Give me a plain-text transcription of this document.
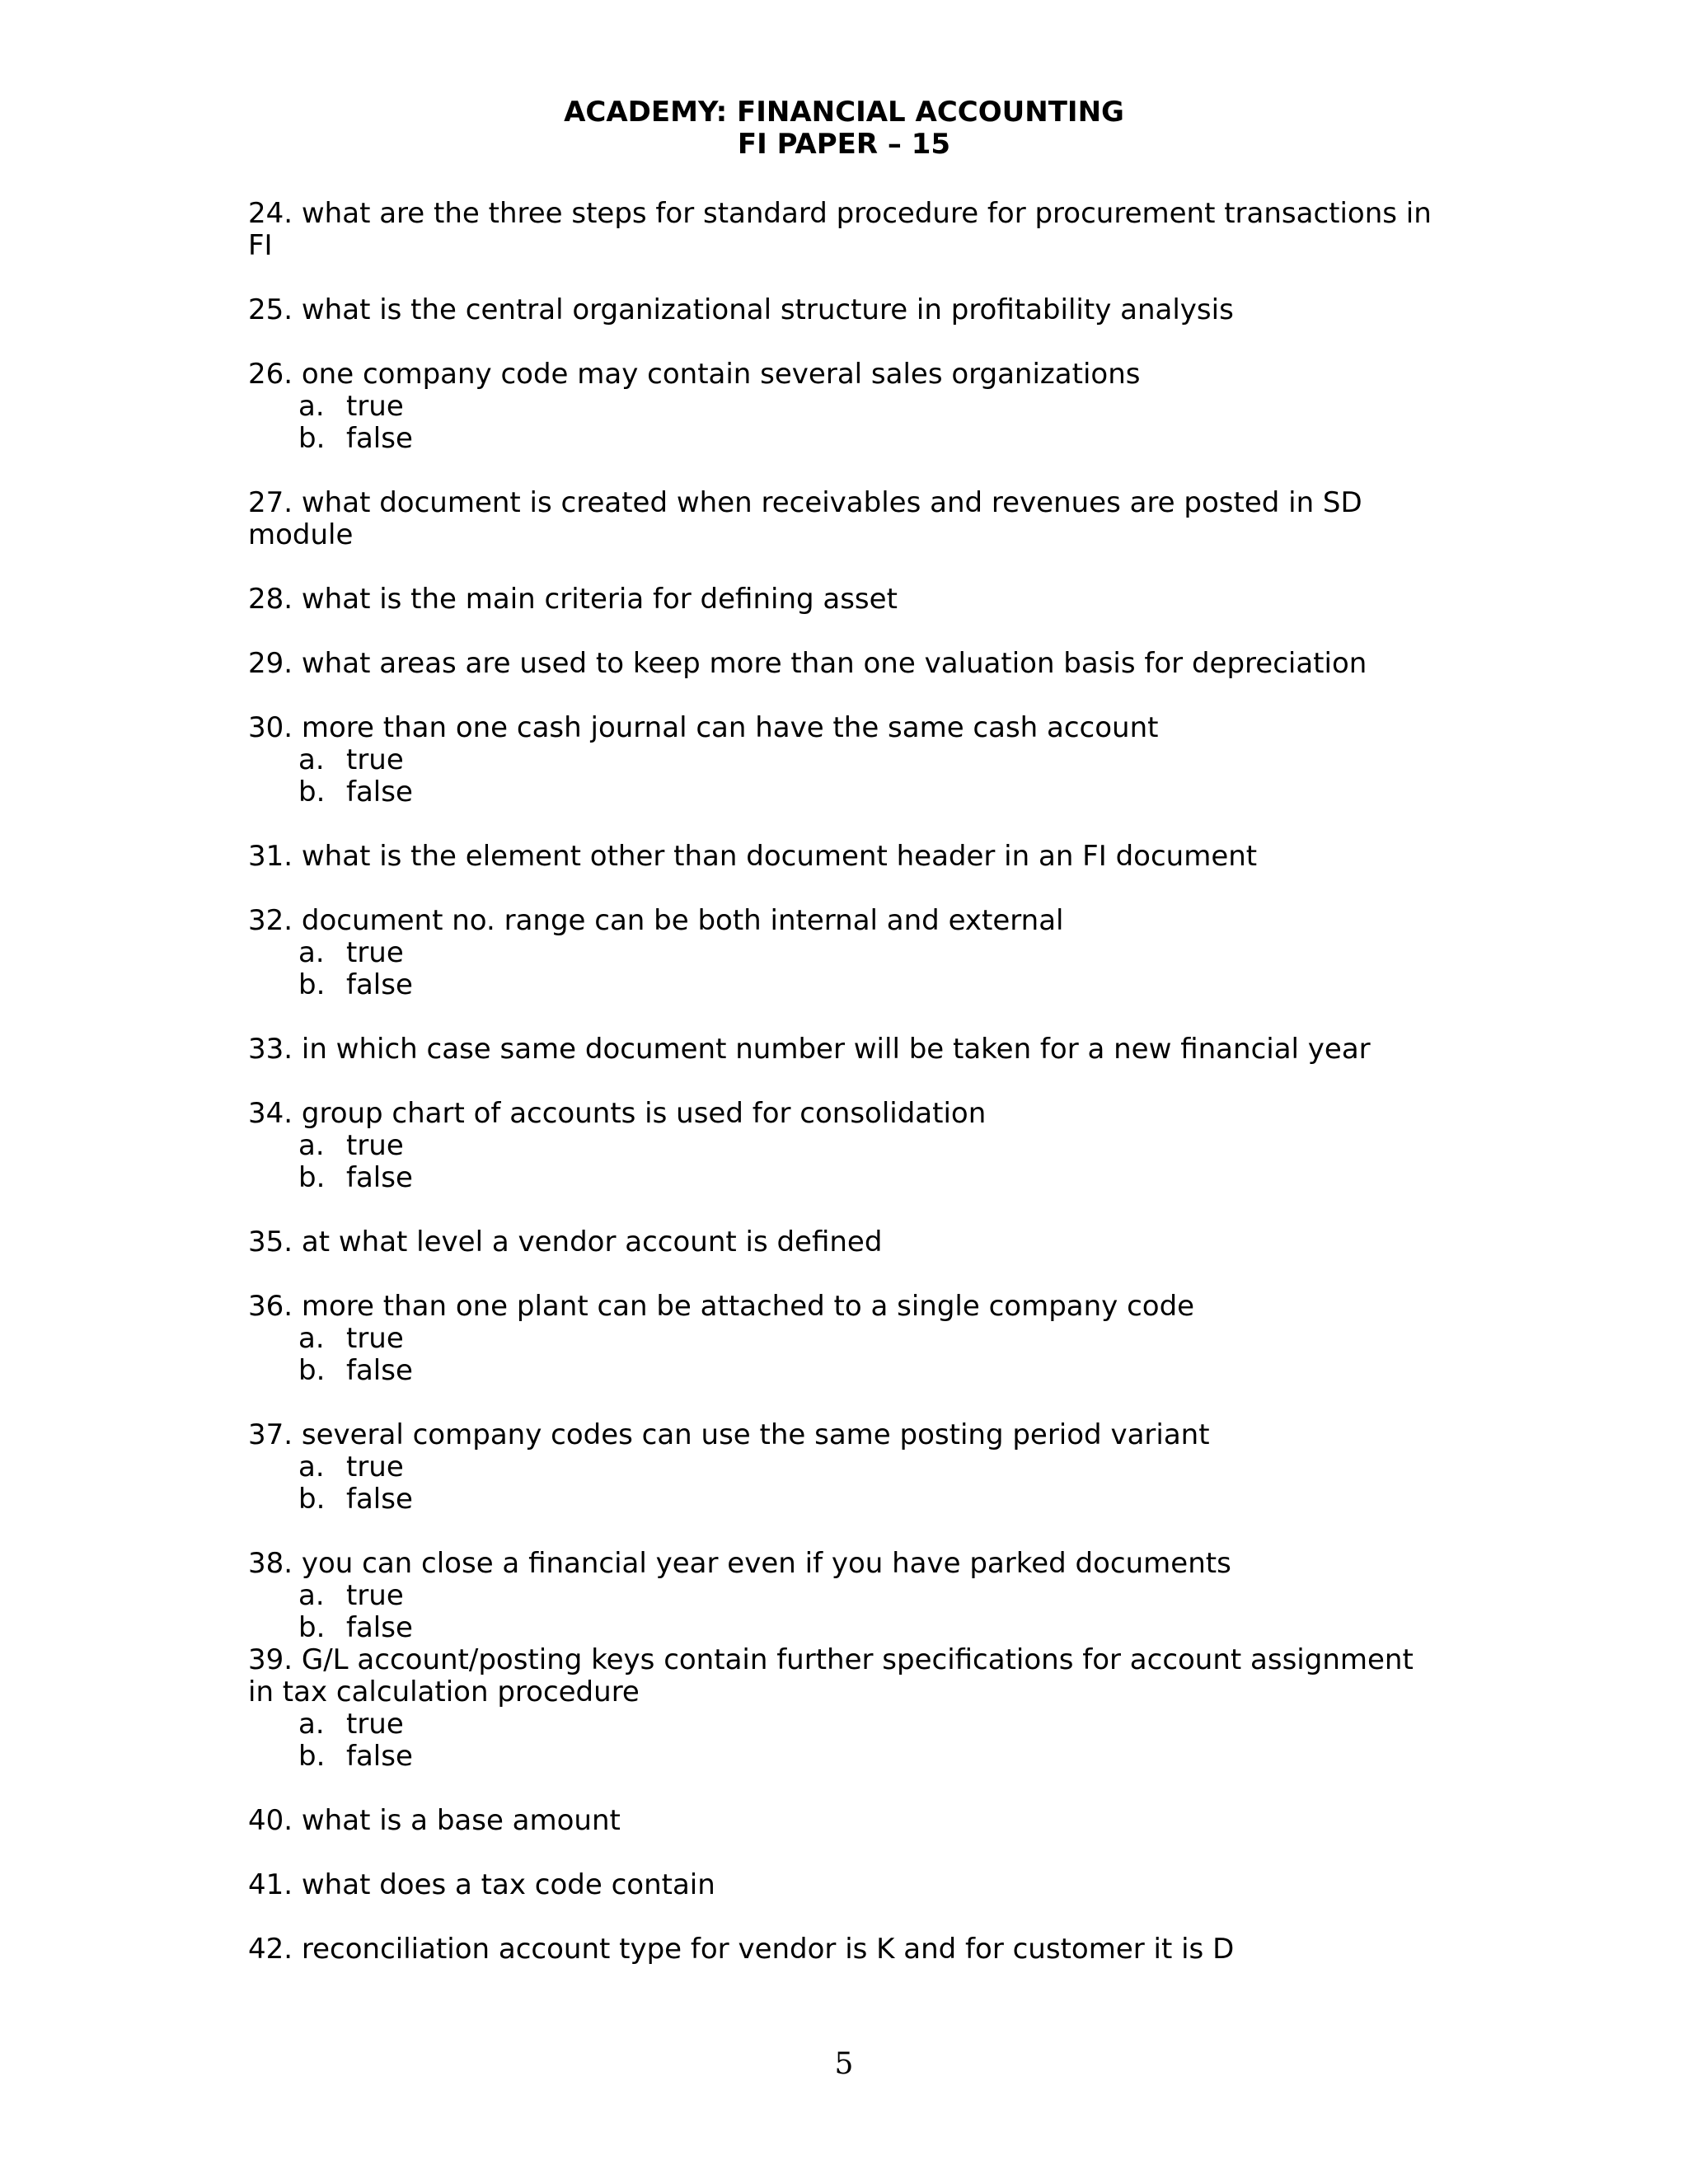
ACADEMY: FINANCIAL ACCOUNTING
FI PAPER – 15
24. what are the three steps for standard procedure for procurement transactions in FI
25. what is the central organizational structure in profitability analysis
26. one company code may contain several sales organizations
a. true
b. false
27. what document is created when receivables and revenues are posted in SD module
28. what is the main criteria for defining asset
29. what areas are used to keep more than one valuation basis for depreciation
30. more than one cash journal can have the same cash account
a. true
b. false
31. what is the element other than document header in an FI document
32. document no. range can be both internal and external
a. true
b. false
33. in which case same document number will be taken for a new financial year
34. group chart of accounts is used for consolidation
a. true
b. false
35. at what level a vendor account is defined
36. more than one plant can be attached to a single company code
a. true
b. false
37. several company codes can use the same posting period variant
a. true
b. false
38. you can close a financial year even if you have parked documents
a. true
b. false
39. G/L account/posting keys contain further specifications for account assignment in tax calculation procedure
a. true
b. false
40. what is a base amount
41. what does a tax code contain
42. reconciliation account type for vendor is K and for customer it is D
5
